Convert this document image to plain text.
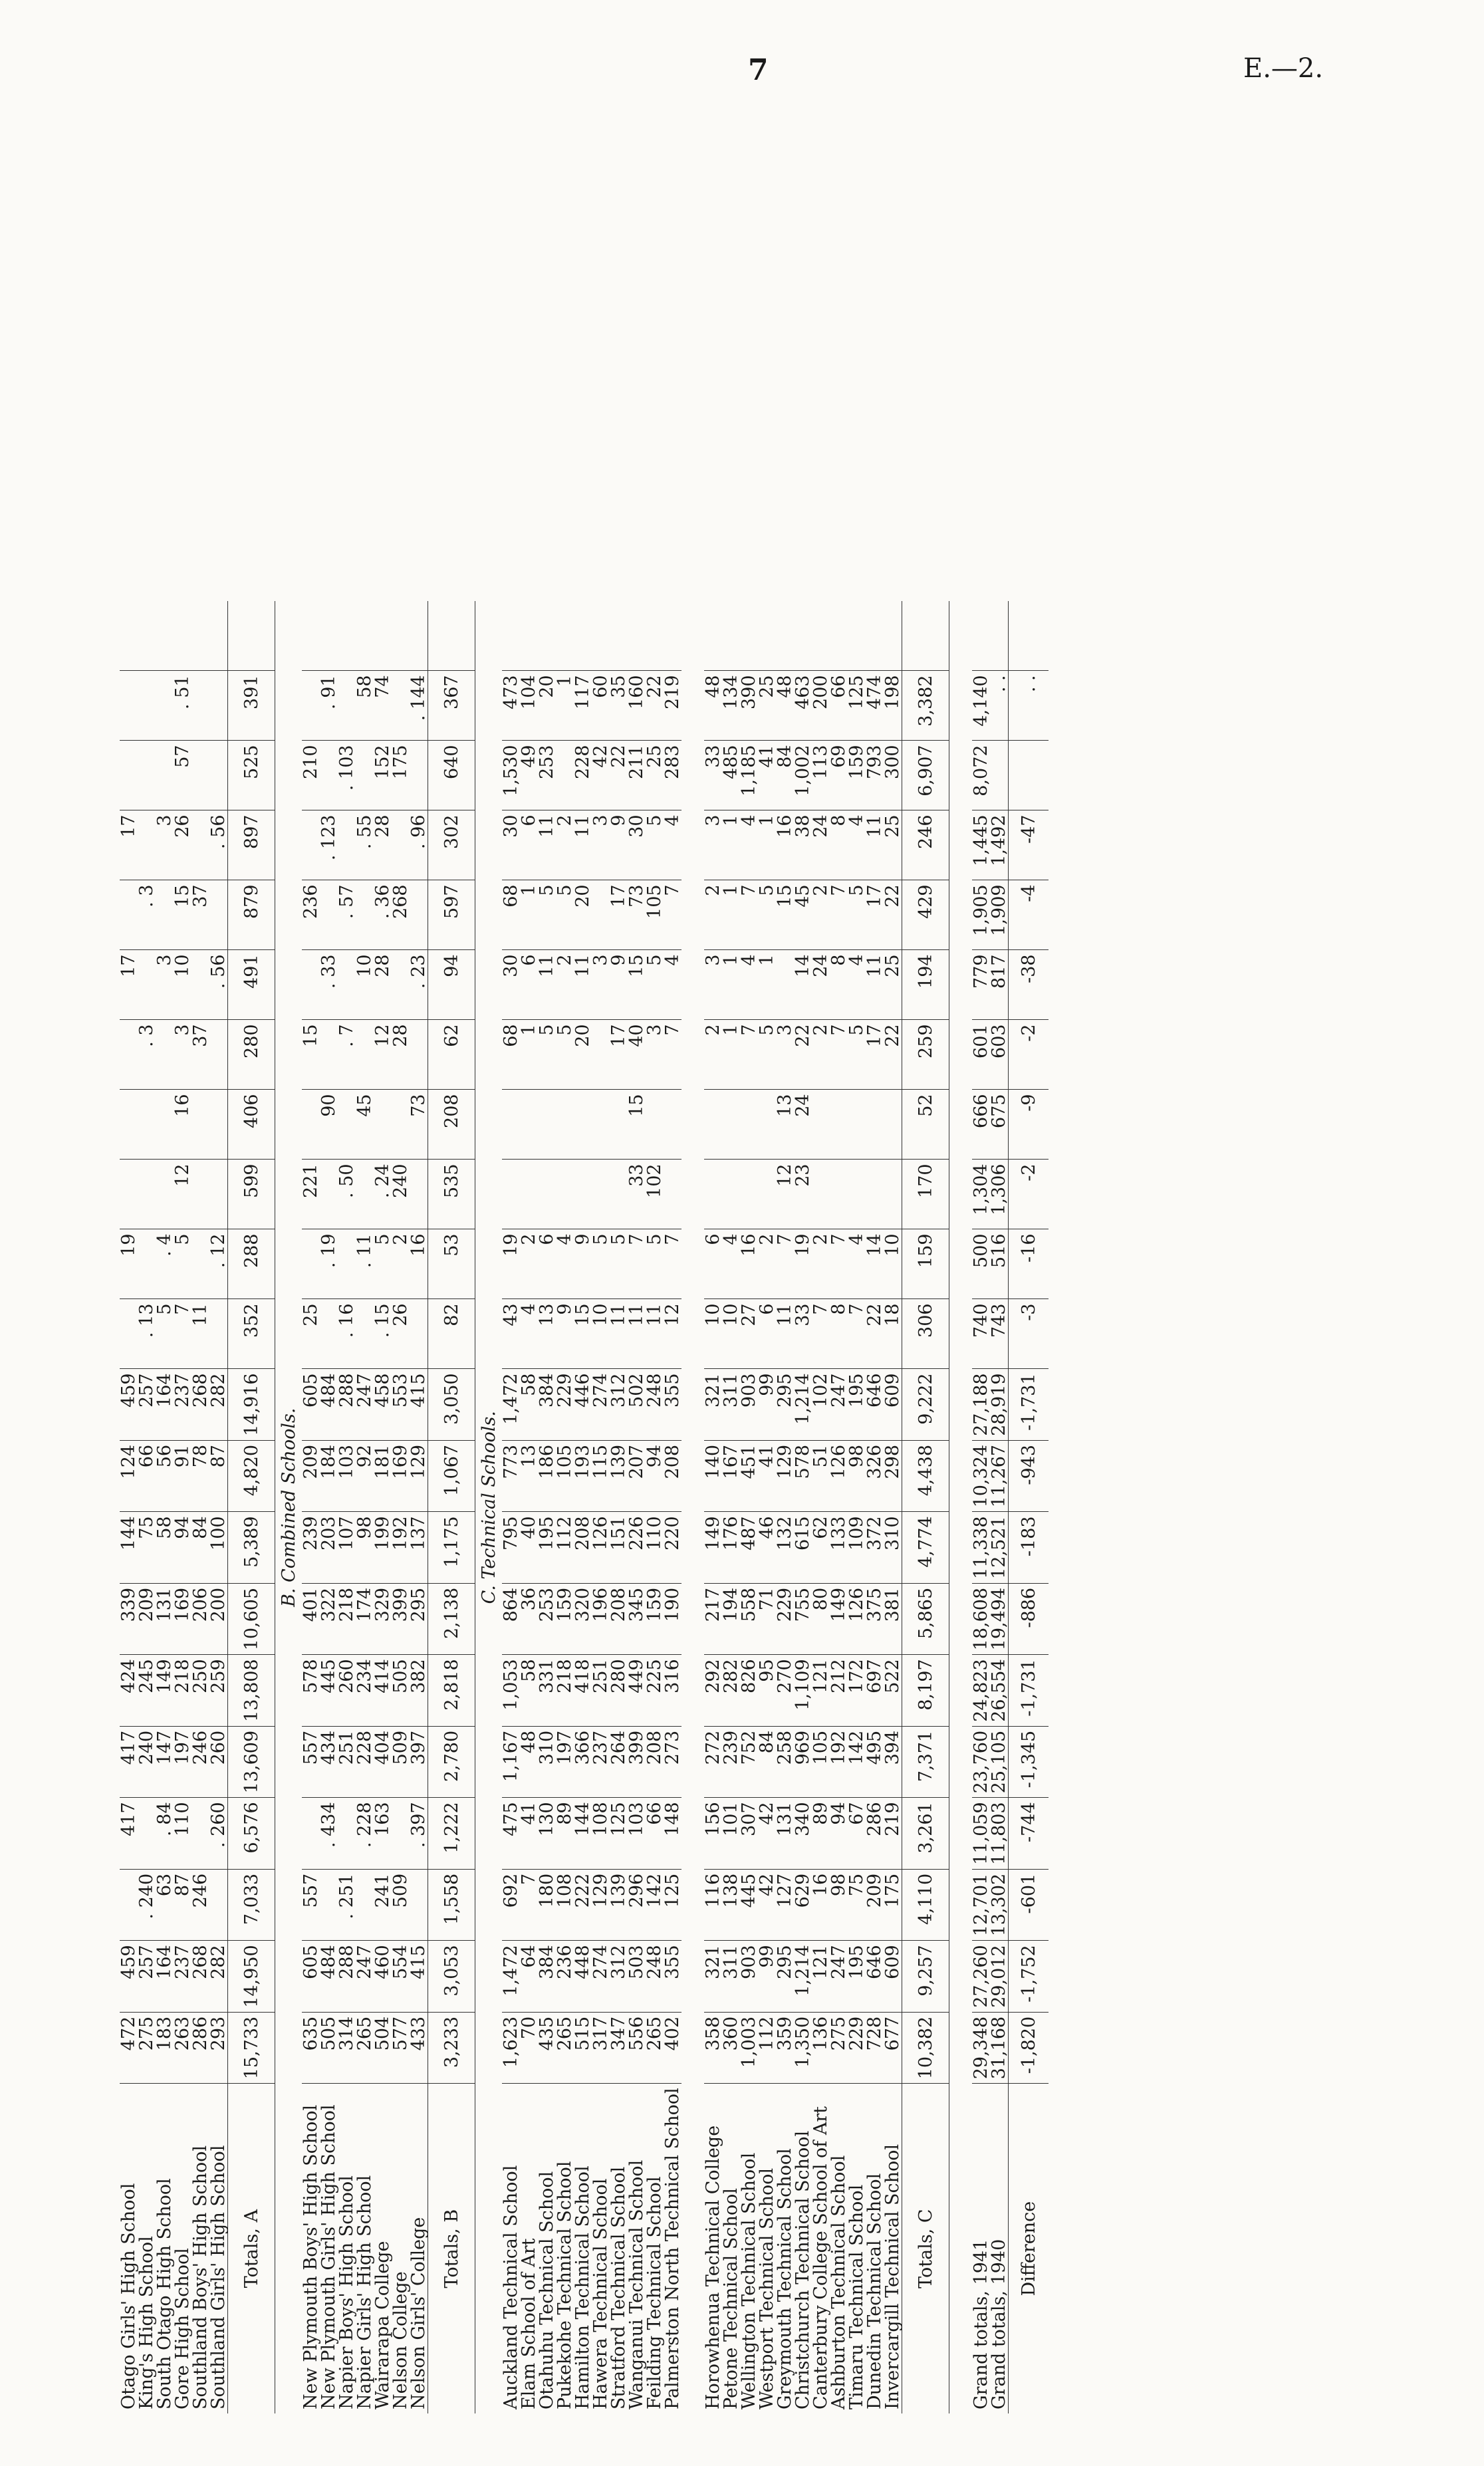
7	E.—2.
Otago Girls' High School	472	459		417	417	424	339	144	124	459		19				17		17			
King's High School	275	257	. 240		240	245	209	75	66	257	. 13				. 3		. 3				
South Otago High School	183	164	63	. 84	147	149	131	58	56	164	5	. 4				3		3			
Gore High School	263	237	87	110	197	218	169	94	91	237	7	5	12	16	3	10	15	26	57	. 51	
Southland Boys' High School	286	268	246		246	250	206	84	78	268	11				37		37				
Southland Girls' High School	293	282		. 260	260	259	200	100	87	282		. 12				. 56		. 56			
Totals, A	15,733	14,950	7,033	6,576	13,609	13,808	10,605	5,389	4,820	14,916	352	288	599	406	280	491	879	897	525	391	
B. Combined Schools.																					
New Plymouth Boys' High School	635	605	557		557	578	401	239	209	605	25		221		15		236		210		
New Plymouth Girls' High School	505	484		. 434	434	445	322	203	184	484		. 19		90		. 33		. 123		. 91	
Napier Boys' High School	314	288	. 251		251	260	218	107	103	288	. 16		. 50		. 7		. 57		. 103		
Napier Girls' High School	265	247		. 228	228	234	174	98	92	247		. 11		45		10		. 55		58	
Wairarapa College	504	460	241	163	404	414	329	199	181	458	. 15	5	. 24		12	28	. 36	28	152	74	
Nelson College	577	554	509		509	505	399	192	169	553	26	2	240		28		268		175		
Nelson Girls' College	433	415		. 397	397	382	295	137	129	415		16		73		. 23		. 96		. 144	
Totals, B	3,233	3,053	1,558	1,222	2,780	2,818	2,138	1,175	1,067	3,050	82	53	535	208	62	94	597	302	640	367	
C. Technical Schools.																					
Auckland Technical School	1,623	1,472	692	475	1,167	1,053	864	795	773	1,472	43	19			68	30	68	30	1,530	473	
Elam School of Art	70	64	7	41	48	58	36	40	13	58	4	2			1	6	1	6	49	104	
Otahuhu Technical School	435	384	180	130	310	331	253	195	186	384	13	6			5	11	5	11	253	20	
Pukekohe Technical School	265	236	108	89	197	218	159	112	105	229	9	4			5	2	5	2		1	
Hamilton Technical School	515	448	222	144	366	418	320	208	193	446	15	9			20	11	20	11	228	117	
Hawera Technical School	317	274	129	108	237	251	196	126	115	274	10	5				3		3	42	60	
Stratford Technical School	347	312	139	125	264	280	208	151	139	312	11	5			17	9	17	9	22	35	
Wanganui Technical School	556	503	296	103	399	449	345	226	207	502	11	7	33	15	40	15	73	30	211	160	
Feilding Technical School	265	248	142	66	208	225	159	110	94	248	11	5	102		3	5	105	5	25	22	
Palmerston North Technical School	402	355	125	148	273	316	190	220	208	355	12	7			7	4	7	4	283	219	

Horowhenua Technical College	358	321	116	156	272	292	217	149	140	321	10	6			2	3	2	3	33	48	
Petone Technical School	360	311	138	101	239	282	194	176	167	311	10	4			1	1	1	1	485	134	
Wellington Technical School	1,003	903	445	307	752	826	558	487	451	903	27	16			7	4	7	4	1,185	390	
Westport Technical School	112	99	42	42	84	95	71	46	41	99	6	2			5	1	5	1	41	25	
Greymouth Technical School	359	295	127	131	258	270	229	132	129	295	11	7	12	13	3		15	16	84	48	
Christchurch Technical School	1,350	1,214	629	340	969	1,109	755	615	578	1,214	33	19	23	24	22	14	45	38	1,002	463	
Canterbury College School of Art	136	121	16	89	105	121	80	62	51	102	7	2			2	24	2	24	113	200	
Ashburton Technical School	275	247	98	94	192	212	149	133	126	247	8	7			7	8	7	8	69	66	
Timaru Technical School	229	195	75	67	142	172	126	109	98	195	7	4			5	4	5	4	159	125	
Dunedin Technical School	728	646	209	286	495	697	375	372	326	646	22	14			17	11	17	11	793	474	
Invercargill Technical School	677	609	175	219	394	522	381	310	298	609	18	10			22	25	22	25	300	198	
Totals, C	10,382	9,257	4,110	3,261	7,371	8,197	5,865	4,774	4,438	9,222	306	159	170	52	259	194	429	246	6,907	3,382	

Grand totals, 1941	29,348	27,260	12,701	11,059	23,760	24,823	18,608	11,338	10,324	27,188	740	500	1,304	666	601	779	1,905	1,445	8,072	4,140	
Grand totals, 1940	31,168	29,012	13,302	11,803	25,105	26,554	19,494	12,521	11,267	28,919	743	516	1,306	675	603	817	1,909	1,492		. .	
Difference	-1,820	-1,752	-601	-744	-1,345	-1,731	-886	-183	-943	-1,731	-3	-16	-2	-9	-2	-38	-4	-47		. .	
